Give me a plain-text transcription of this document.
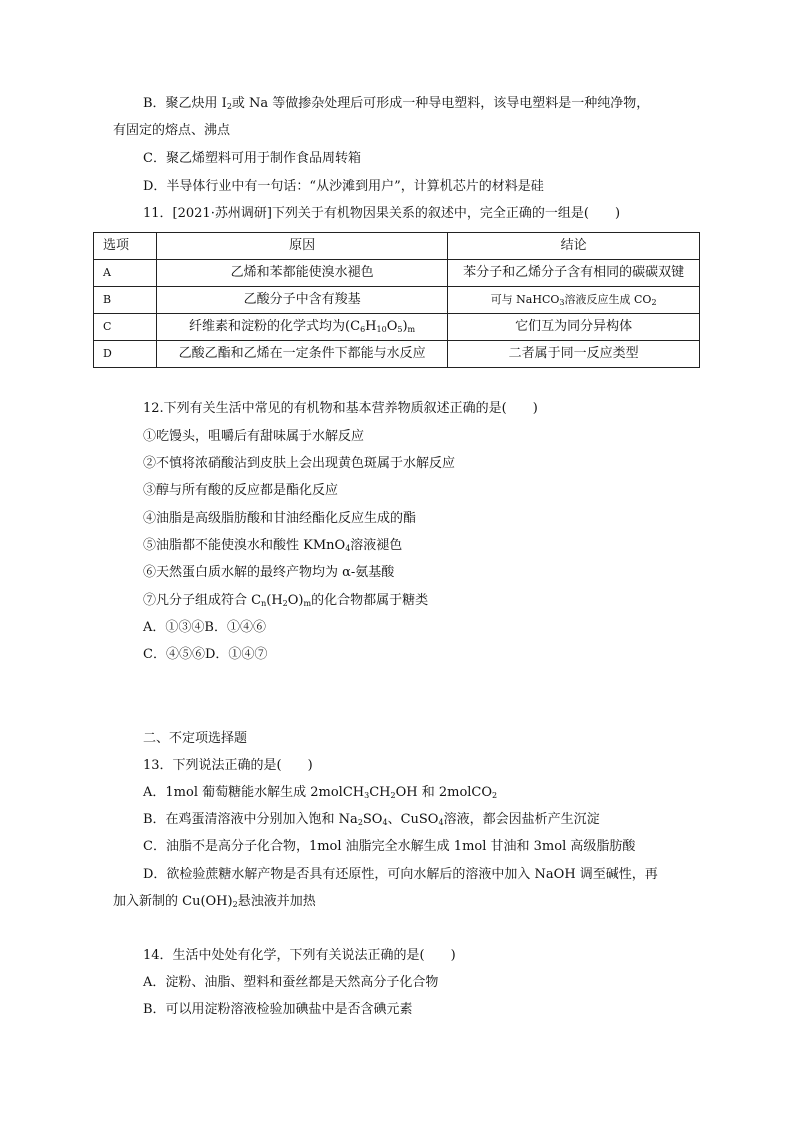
B．聚乙炔用 $I_2$或 Na 等做掺杂处理后可形成一种导电塑料，该导电塑料是一种纯净物，
有固定的熔点、沸点
C．聚乙烯塑料可用于制作食品周转箱
D．半导体行业中有一句话：“从沙滩到用户”，计算机芯片的材料是硅
11．[2021·苏州调研]下列关于有机物因果关系的叙述中，完全正确的一组是(　　)
选项	原因	结论
A	乙烯和苯都能使溴水褪色	苯分子和乙烯分子含有相同的碳碳双键
B	乙酸分子中含有羧基	可与 NaHCO$_3$溶液反应生成 $CO_2$
C	纤维素和淀粉的化学式均为$(C_6H_{10}O_5)_m$	它们互为同分异构体
D	乙酸乙酯和乙烯在一定条件下都能与水反应	二者属于同一反应类型
12.下列有关生活中常见的有机物和基本营养物质叙述正确的是(　　)
①吃馒头，咀嚼后有甜味属于水解反应
②不慎将浓硝酸沾到皮肤上会出现黄色斑属于水解反应
③醇与所有酸的反应都是酯化反应
④油脂是高级脂肪酸和甘油经酯化反应生成的酯
⑤油脂都不能使溴水和酸性 KMnO$_4$溶液褪色
⑥天然蛋白质水解的最终产物均为 α-氨基酸
⑦凡分子组成符合 $C_n(H_2O)_m$的化合物都属于糖类
A．①③④B．①④⑥
C．④⑤⑥D．①④⑦
二、不定项选择题
13．下列说法正确的是(　　)
A．1mol 葡萄糖能水解生成 $2molCH_3CH_2OH$ 和 2molCO$_2$
B．在鸡蛋清溶液中分别加入饱和 $Na_2SO_4$、CuSO$_4$溶液，都会因盐析产生沉淀
C．油脂不是高分子化合物，1mol 油脂完全水解生成 1mol 甘油和 3mol 高级脂肪酸
D．欲检验蔗糖水解产物是否具有还原性，可向水解后的溶液中加入 NaOH 调至碱性，再
加入新制的 $Cu(OH)_2$悬浊液并加热
14．生活中处处有化学，下列有关说法正确的是(　　)
A．淀粉、油脂、塑料和蚕丝都是天然高分子化合物
B．可以用淀粉溶液检验加碘盐中是否含碘元素
